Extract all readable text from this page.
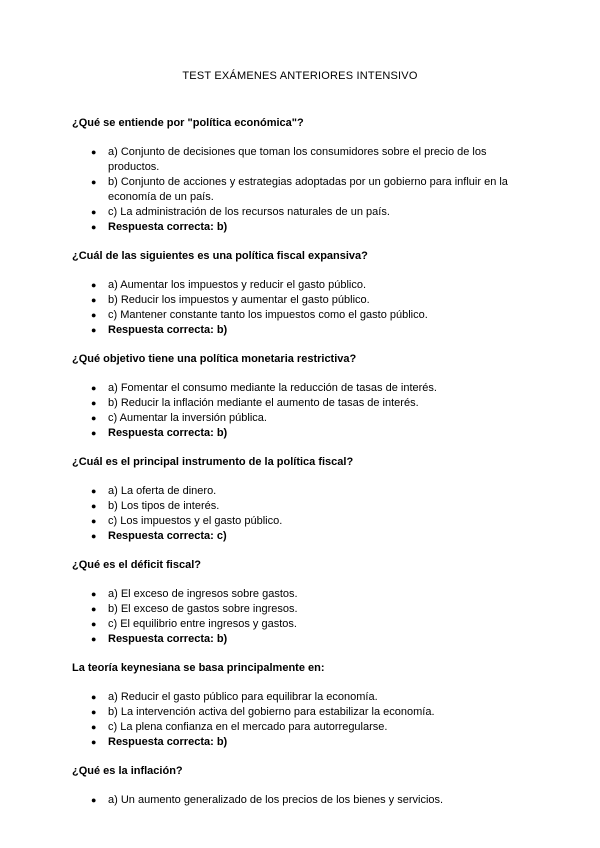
TEST EXÁMENES ANTERIORES INTENSIVO
¿Qué se entiende por "política económica"?
● a) Conjunto de decisiones que toman los consumidores sobre el precio de los productos.
● b) Conjunto de acciones y estrategias adoptadas por un gobierno para influir en la economía de un país.
● c) La administración de los recursos naturales de un país.
● Respuesta correcta: b)
¿Cuál de las siguientes es una política fiscal expansiva?
● a) Aumentar los impuestos y reducir el gasto público.
● b) Reducir los impuestos y aumentar el gasto público.
● c) Mantener constante tanto los impuestos como el gasto público.
● Respuesta correcta: b)
¿Qué objetivo tiene una política monetaria restrictiva?
● a) Fomentar el consumo mediante la reducción de tasas de interés.
● b) Reducir la inflación mediante el aumento de tasas de interés.
● c) Aumentar la inversión pública.
● Respuesta correcta: b)
¿Cuál es el principal instrumento de la política fiscal?
● a) La oferta de dinero.
● b) Los tipos de interés.
● c) Los impuestos y el gasto público.
● Respuesta correcta: c)
¿Qué es el déficit fiscal?
● a) El exceso de ingresos sobre gastos.
● b) El exceso de gastos sobre ingresos.
● c) El equilibrio entre ingresos y gastos.
● Respuesta correcta: b)
La teoría keynesiana se basa principalmente en:
● a) Reducir el gasto público para equilibrar la economía.
● b) La intervención activa del gobierno para estabilizar la economía.
● c) La plena confianza en el mercado para autorregularse.
● Respuesta correcta: b)
¿Qué es la inflación?
● a) Un aumento generalizado de los precios de los bienes y servicios.
